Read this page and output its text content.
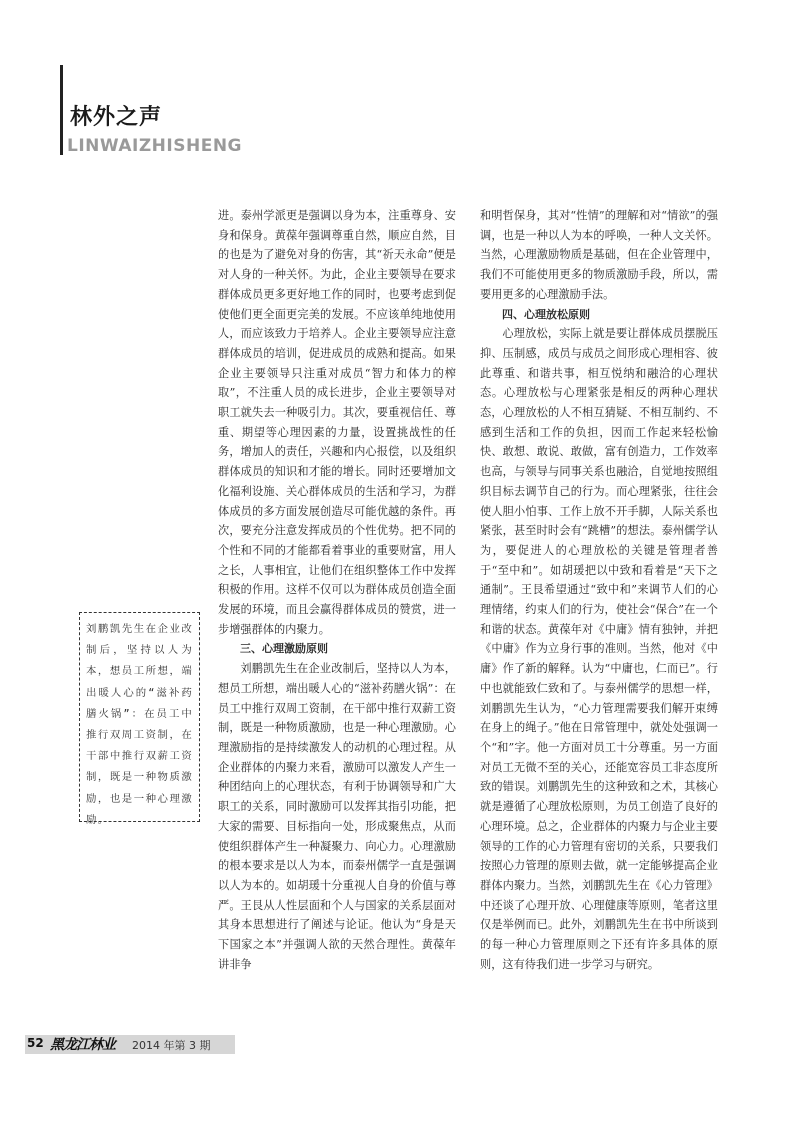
林外之声
LINWAIZHISHENG

进。泰州学派更是强调以身为本，注重尊身、安身和保身。黄葆年强调尊重自然，顺应自然，目的也是为了避免对身的伤害，其“祈天永命”便是对人身的一种关怀。为此，企业主要领导在要求群体成员更多更好地工作的同时，也要考虑到促使他们更全面更完美的发展。不应该单纯地使用人，而应该致力于培养人。企业主要领导应注意群体成员的培训，促进成员的成熟和提高。如果企业主要领导只注重对成员“智力和体力的榨取”，不注重人员的成长进步，企业主要领导对职工就失去一种吸引力。其次，要重视信任、尊重、期望等心理因素的力量，设置挑战性的任务，增加人的责任，兴趣和内心报偿，以及组织群体成员的知识和才能的增长。同时还要增加文化福利设施、关心群体成员的生活和学习，为群体成员的多方面发展创造尽可能优越的条件。再次，要充分注意发挥成员的个性优势。把不同的个性和不同的才能都看着事业的重要财富，用人之长，人事相宜，让他们在组织整体工作中发挥积极的作用。这样不仅可以为群体成员创造全面发展的环境，而且会赢得群体成员的赞赏，进一步增强群体的内聚力。

三、心理激励原则

刘鹏凯先生在企业改制后，坚持以人为本，想员工所想，端出暖人心的“滋补药膳火锅”：在员工中推行双周工资制，在干部中推行双薪工资制，既是一种物质激励，也是一种心理激励。心理激励指的是持续激发人的动机的心理过程。从企业群体的内聚力来看，激励可以激发人产生一种团结向上的心理状态，有利于协调领导和广大职工的关系，同时激励可以发挥其指引功能，把大家的需要、目标指向一处，形成聚焦点，从而使组织群体产生一种凝聚力、向心力。心理激励的根本要求是以人为本，而泰州儒学一直是强调以人为本的。如胡瑗十分重视人自身的价值与尊严。王艮从人性层面和个人与国家的关系层面对其身本思想进行了阐述与论证。他认为“身是天下国家之本”并强调人欲的天然合理性。黄葆年讲非争

和明哲保身，其对“性情”的理解和对“情欲”的强调，也是一种以人为本的呼唤，一种人文关怀。当然，心理激励物质是基础，但在企业管理中，我们不可能使用更多的物质激励手段，所以，需要用更多的心理激励手法。

四、心理放松原则

心理放松，实际上就是要让群体成员摆脱压抑、压制感，成员与成员之间形成心理相容、彼此尊重、和谐共事，相互悦纳和融洽的心理状态。心理放松与心理紧张是相反的两种心理状态，心理放松的人不相互猜疑、不相互制约、不感到生活和工作的负担，因而工作起来轻松愉快、敢想、敢说、敢做，富有创造力，工作效率也高，与领导与同事关系也融洽，自觉地按照组织目标去调节自己的行为。而心理紧张，往往会使人胆小怕事、工作上放不开手脚，人际关系也紧张，甚至时时会有“跳槽”的想法。泰州儒学认为，要促进人的心理放松的关键是管理者善于“至中和”。如胡瑗把以中致和看着是“天下之通制”。王艮希望通过“致中和”来调节人们的心理情绪，约束人们的行为，使社会“保合”在一个和谐的状态。黄葆年对《中庸》情有独钟，并把《中庸》作为立身行事的准则。当然，他对《中庸》作了新的解释。认为“中庸也，仁而已”。行中也就能致仁致和了。与泰州儒学的思想一样，刘鹏凯先生认为，“心力管理需要我们解开束缚在身上的绳子。”他在日常管理中，就处处强调一个“和”字。他一方面对员工十分尊重。另一方面对员工无微不至的关心，还能宽容员工非态度所致的错误。刘鹏凯先生的这种致和之术，其核心就是遵循了心理放松原则，为员工创造了良好的心理环境。总之，企业群体的内聚力与企业主要领导的工作的心力管理有密切的关系，只要我们按照心力管理的原则去做，就一定能够提高企业群体内聚力。当然，刘鹏凯先生在《心力管理》中还谈了心理开放、心理健康等原则，笔者这里仅是举例而已。此外，刘鹏凯先生在书中所谈到的每一种心力管理原则之下还有许多具体的原则，这有待我们进一步学习与研究。

刘鹏凯先生在企业改制后，坚持以人为本，想员工所想，端出暖人心的“滋补药膳火锅”：在员工中推行双周工资制，在干部中推行双薪工资制，既是一种物质激励，也是一种心理激励。
52 黑龙江林业 2014 年第 3 期
